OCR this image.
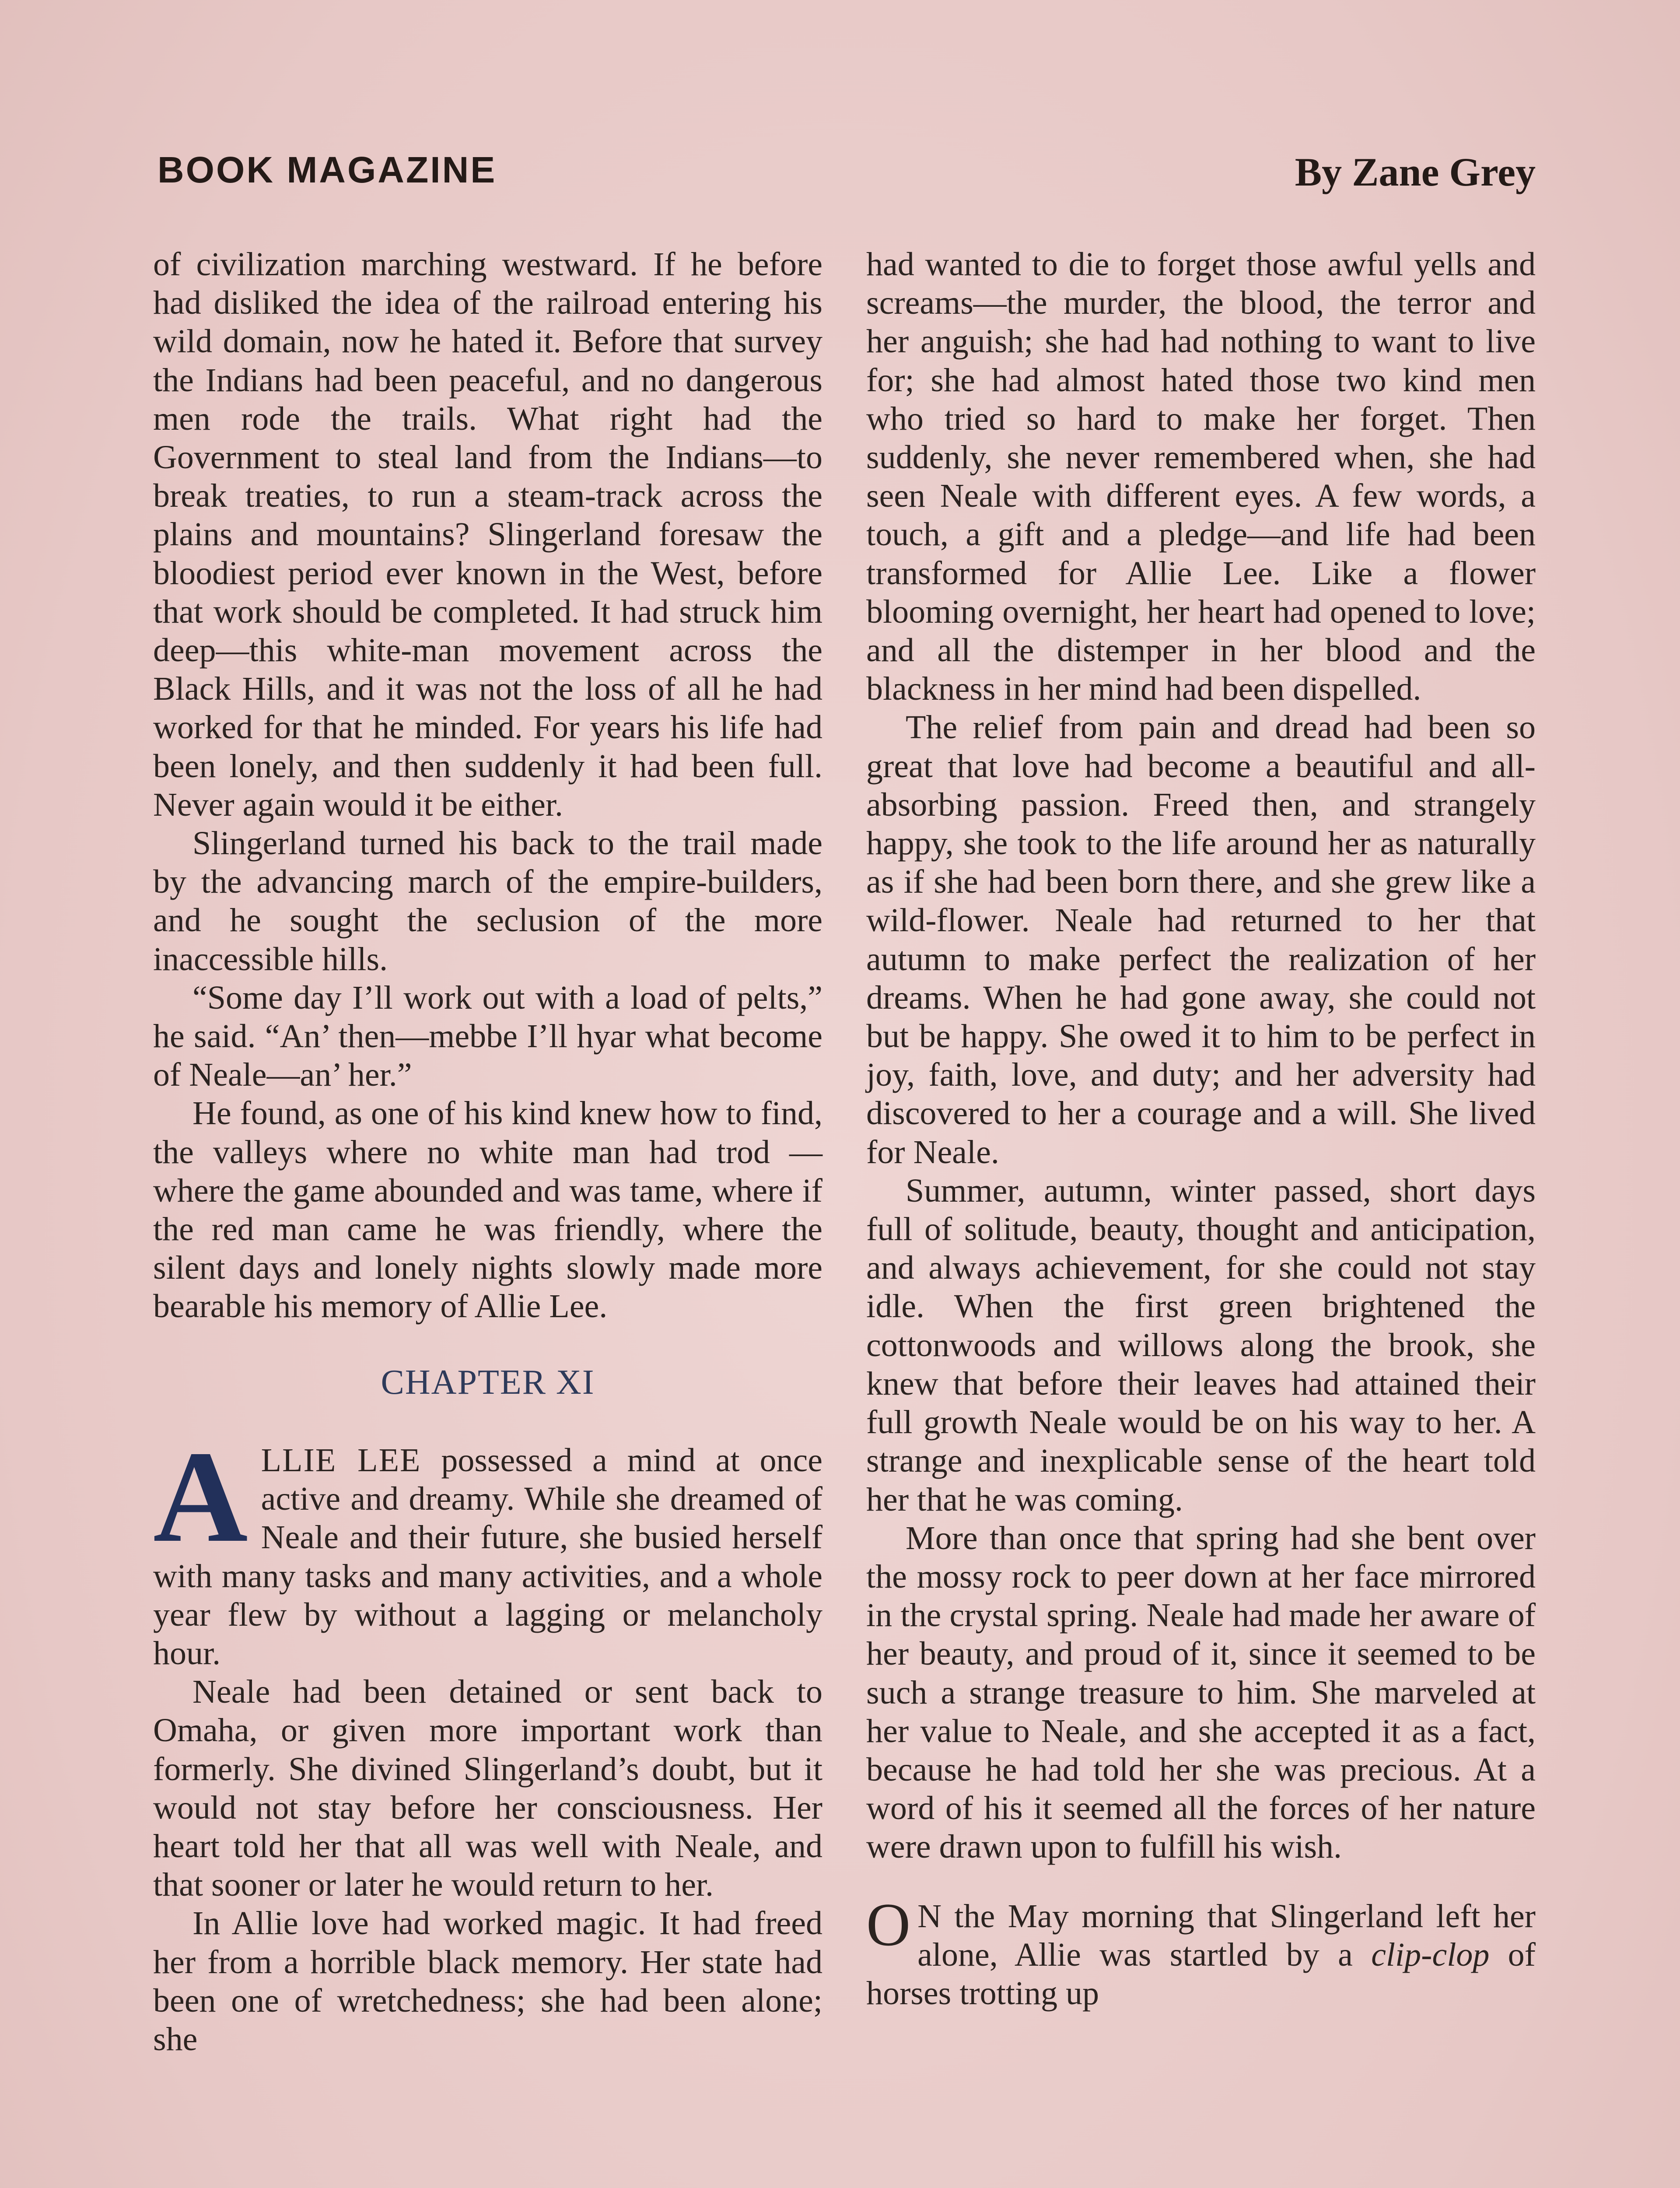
BOOK MAGAZINE	By Zane Grey

of civilization marching westward. If he before had disliked the idea of the railroad entering his wild domain, now he hated it. Before that survey the Indians had been peaceful, and no dangerous men rode the trails. What right had the Government to steal land from the Indians—to break treaties, to run a steam-track across the plains and mountains? Slingerland foresaw the bloodiest period ever known in the West, before that work should be completed. It had struck him deep—this white-man movement across the Black Hills, and it was not the loss of all he had worked for that he minded. For years his life had been lonely, and then suddenly it had been full. Never again would it be either.

Slingerland turned his back to the trail made by the advancing march of the empire-builders, and he sought the seclusion of the more inaccessible hills.

“Some day I’ll work out with a load of pelts,” he said. “An’ then—mebbe I’ll hyar what become of Neale—an’ her.”

He found, as one of his kind knew how to find, the valleys where no white man had trod — where the game abounded and was tame, where if the red man came he was friendly, where the silent days and lonely nights slowly made more bearable his memory of Allie Lee.

CHAPTER XI

ALLIE LEE possessed a mind at once active and dreamy. While she dreamed of Neale and their future, she busied herself with many tasks and many activities, and a whole year flew by without a lagging or melancholy hour.

Neale had been detained or sent back to Omaha, or given more important work than formerly. She divined Slingerland’s doubt, but it would not stay before her consciousness. Her heart told her that all was well with Neale, and that sooner or later he would return to her.

In Allie love had worked magic. It had freed her from a horrible black memory. Her state had been one of wretchedness; she had been alone; she

had wanted to die to forget those awful yells and screams—the murder, the blood, the terror and her anguish; she had had nothing to want to live for; she had almost hated those two kind men who tried so hard to make her forget. Then suddenly, she never remembered when, she had seen Neale with different eyes. A few words, a touch, a gift and a pledge—and life had been transformed for Allie Lee. Like a flower blooming overnight, her heart had opened to love; and all the distemper in her blood and the blackness in her mind had been dispelled.

The relief from pain and dread had been so great that love had become a beautiful and all-absorbing passion. Freed then, and strangely happy, she took to the life around her as naturally as if she had been born there, and she grew like a wild-flower. Neale had returned to her that autumn to make perfect the realization of her dreams. When he had gone away, she could not but be happy. She owed it to him to be perfect in joy, faith, love, and duty; and her adversity had discovered to her a courage and a will. She lived for Neale.

Summer, autumn, winter passed, short days full of solitude, beauty, thought and anticipation, and always achievement, for she could not stay idle. When the first green brightened the cottonwoods and willows along the brook, she knew that before their leaves had attained their full growth Neale would be on his way to her. A strange and inexplicable sense of the heart told her that he was coming.

More than once that spring had she bent over the mossy rock to peer down at her face mirrored in the crystal spring. Neale had made her aware of her beauty, and proud of it, since it seemed to be such a strange treasure to him. She marveled at her value to Neale, and she accepted it as a fact, because he had told her she was precious. At a word of his it seemed all the forces of her nature were drawn upon to fulfill his wish.

O N the May morning that Slingerland left her alone, Allie was startled by a clip-clop of horses trotting up
